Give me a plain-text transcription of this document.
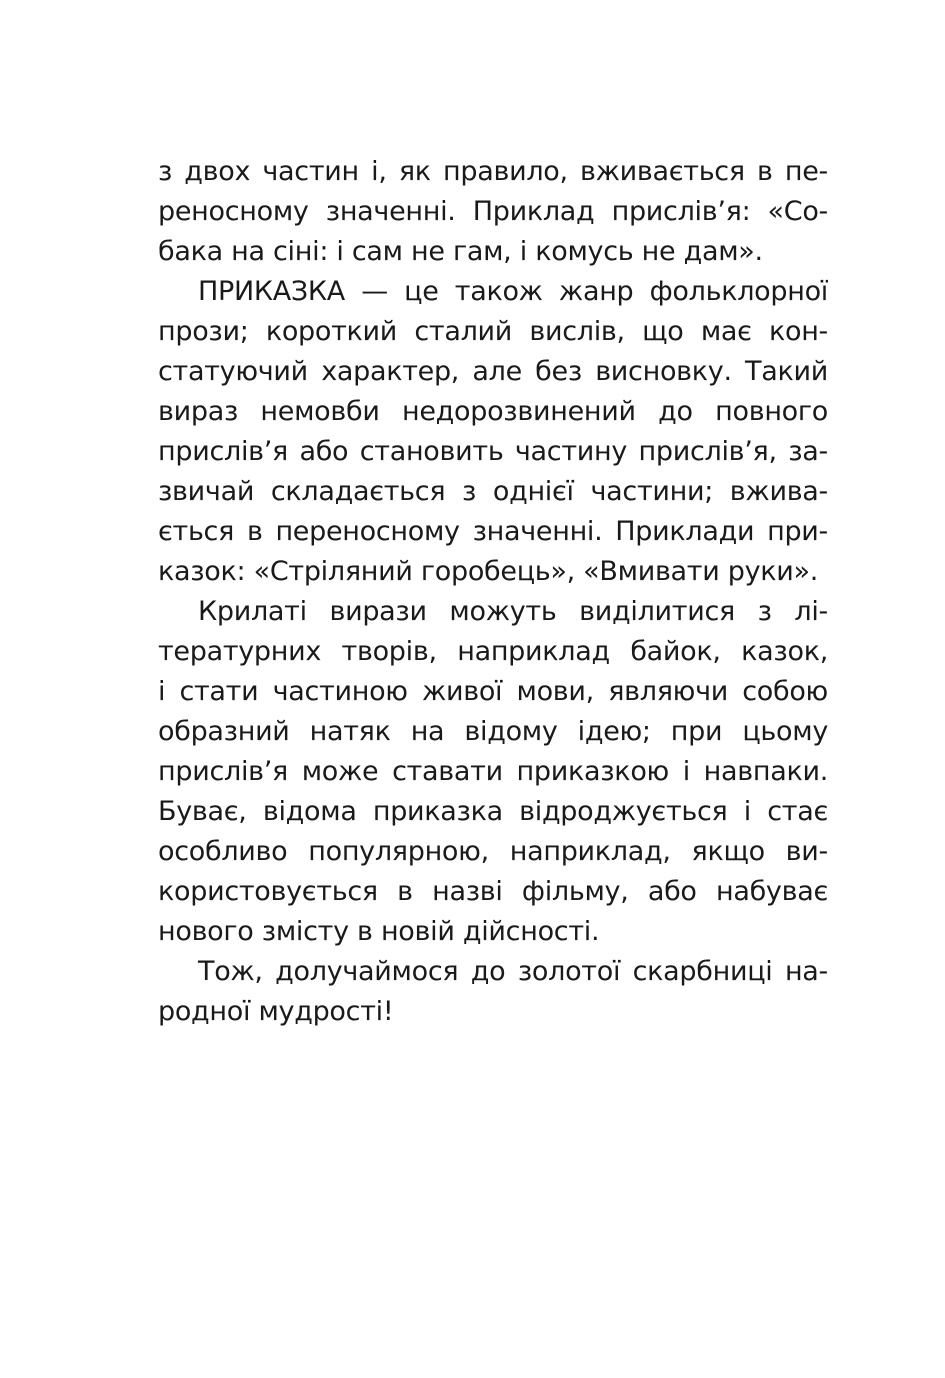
з двох частин і, як правило, вживається в пе-
реносному значенні. Приклад прислів’я: «Со-
бака на сіні: і сам не гам, і комусь не дам».
ПРИКАЗКА — це також жанр фольклорної
прози; короткий сталий вислів, що має кон-
статуючий характер, але без висновку. Такий
вираз немовби недорозвинений до повного
прислів’я або становить частину прислів’я, за-
звичай складається з однієї частини; вжива-
ється в переносному значенні. Приклади при-
казок: «Стріляний горобець», «Вмивати руки».
Крилаті вирази можуть виділитися з лі-
тературних творів, наприклад байок, казок,
і стати частиною живої мови, являючи собою
образний натяк на відому ідею; при цьому
прислів’я може ставати приказкою і навпаки.
Буває, відома приказка відроджується і стає
особливо популярною, наприклад, якщо ви-
користовується в назві фільму, або набуває
нового змісту в новій дійсності.
Тож, долучаймося до золотої скарбниці на-
родної мудрості!
